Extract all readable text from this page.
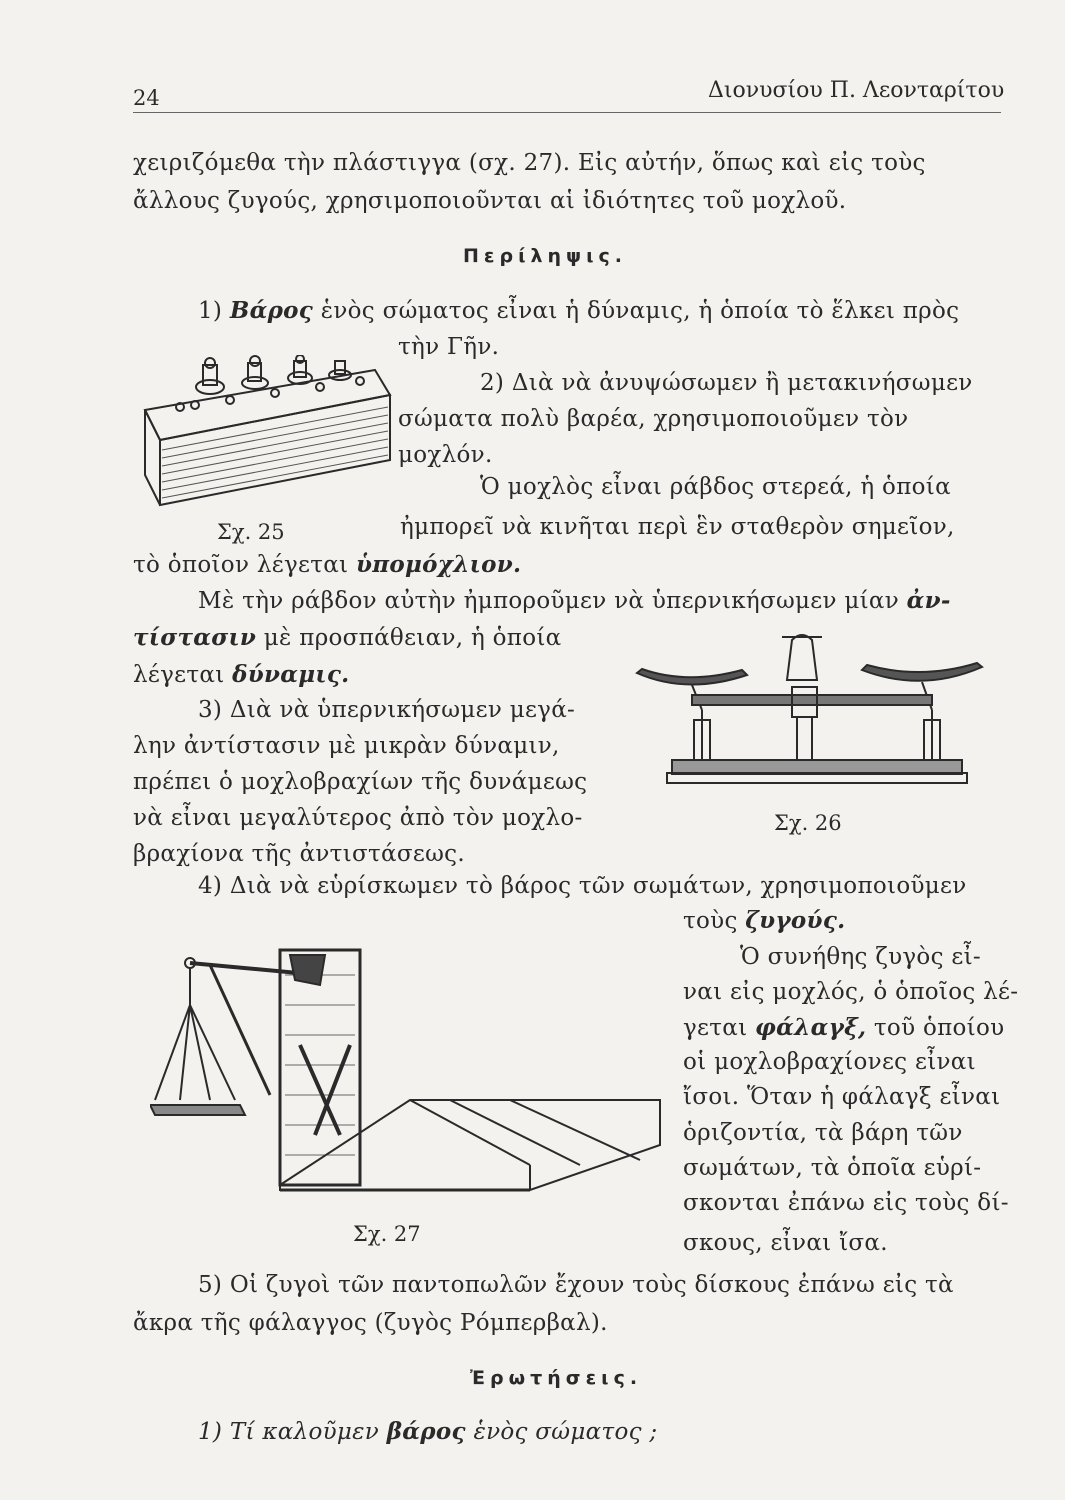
24	Διονυσίου Π. Λεονταρίτου
χειριζόμεθα τὴν πλάστιγγα (σχ. 27). Εἰς αὐτήν, ὅπως καὶ εἰς τοὺς
ἄλλους ζυγούς, χρησιμοποιοῦνται αἱ ἰδιότητες τοῦ μοχλοῦ.
Περίληψις.
1) Βάρος ἑνὸς σώματος εἶναι ἡ δύναμις, ἡ ὁποία τὸ ἕλκει πρὸς
τὴν Γῆν.
2) Διὰ νὰ ἀνυψώσωμεν ἢ μετακινήσωμεν
σώματα πολὺ βαρέα, χρησιμοποιοῦμεν τὸν
μοχλόν.
Ὁ μοχλὸς εἶναι ράβδος στερεά, ἡ ὁποία
Σχ. 25	ἠμπορεῖ νὰ κινῆται περὶ ἓν σταθερὸν σημεῖον,
τὸ ὁποῖον λέγεται ὑπομόχλιον.
Μὲ τὴν ράβδον αὐτὴν ἠμποροῦμεν νὰ ὑπερνικήσωμεν μίαν ἀν-
τίστασιν μὲ προσπάθειαν, ἡ ὁποία
λέγεται δύναμις.
3) Διὰ νὰ ὑπερνικήσωμεν μεγά-
λην ἀντίστασιν μὲ μικρὰν δύναμιν,
πρέπει ὁ μοχλοβραχίων τῆς δυνάμεως
νὰ εἶναι μεγαλύτερος ἀπὸ τὸν μοχλο-
βραχίονα τῆς ἀντιστάσεως.
Σχ. 26
4) Διὰ νὰ εὑρίσκωμεν τὸ βάρος τῶν σωμάτων, χρησιμοποιοῦμεν
τοὺς ζυγούς.
Ὁ συνήθης ζυγὸς εἶ-
ναι εἰς μοχλός, ὁ ὁποῖος λέ-
γεται φάλαγξ, τοῦ ὁποίου
οἱ μοχλοβραχίονες εἶναι
ἴσοι. Ὅταν ἡ φάλαγξ εἶναι
ὁριζοντία, τὰ βάρη τῶν
σωμάτων, τὰ ὁποῖα εὑρί-
σκονται ἐπάνω εἰς τοὺς δί-
σκους, εἶναι ἴσα.
Σχ. 27
5) Οἱ ζυγοὶ τῶν παντοπωλῶν ἔχουν τοὺς δίσκους ἐπάνω εἰς τὰ
ἄκρα τῆς φάλαγγος (ζυγὸς Ρόμπερβαλ).
Ἐρωτήσεις.
1) Τί καλοῦμεν βάρος ἑνὸς σώματος ;
